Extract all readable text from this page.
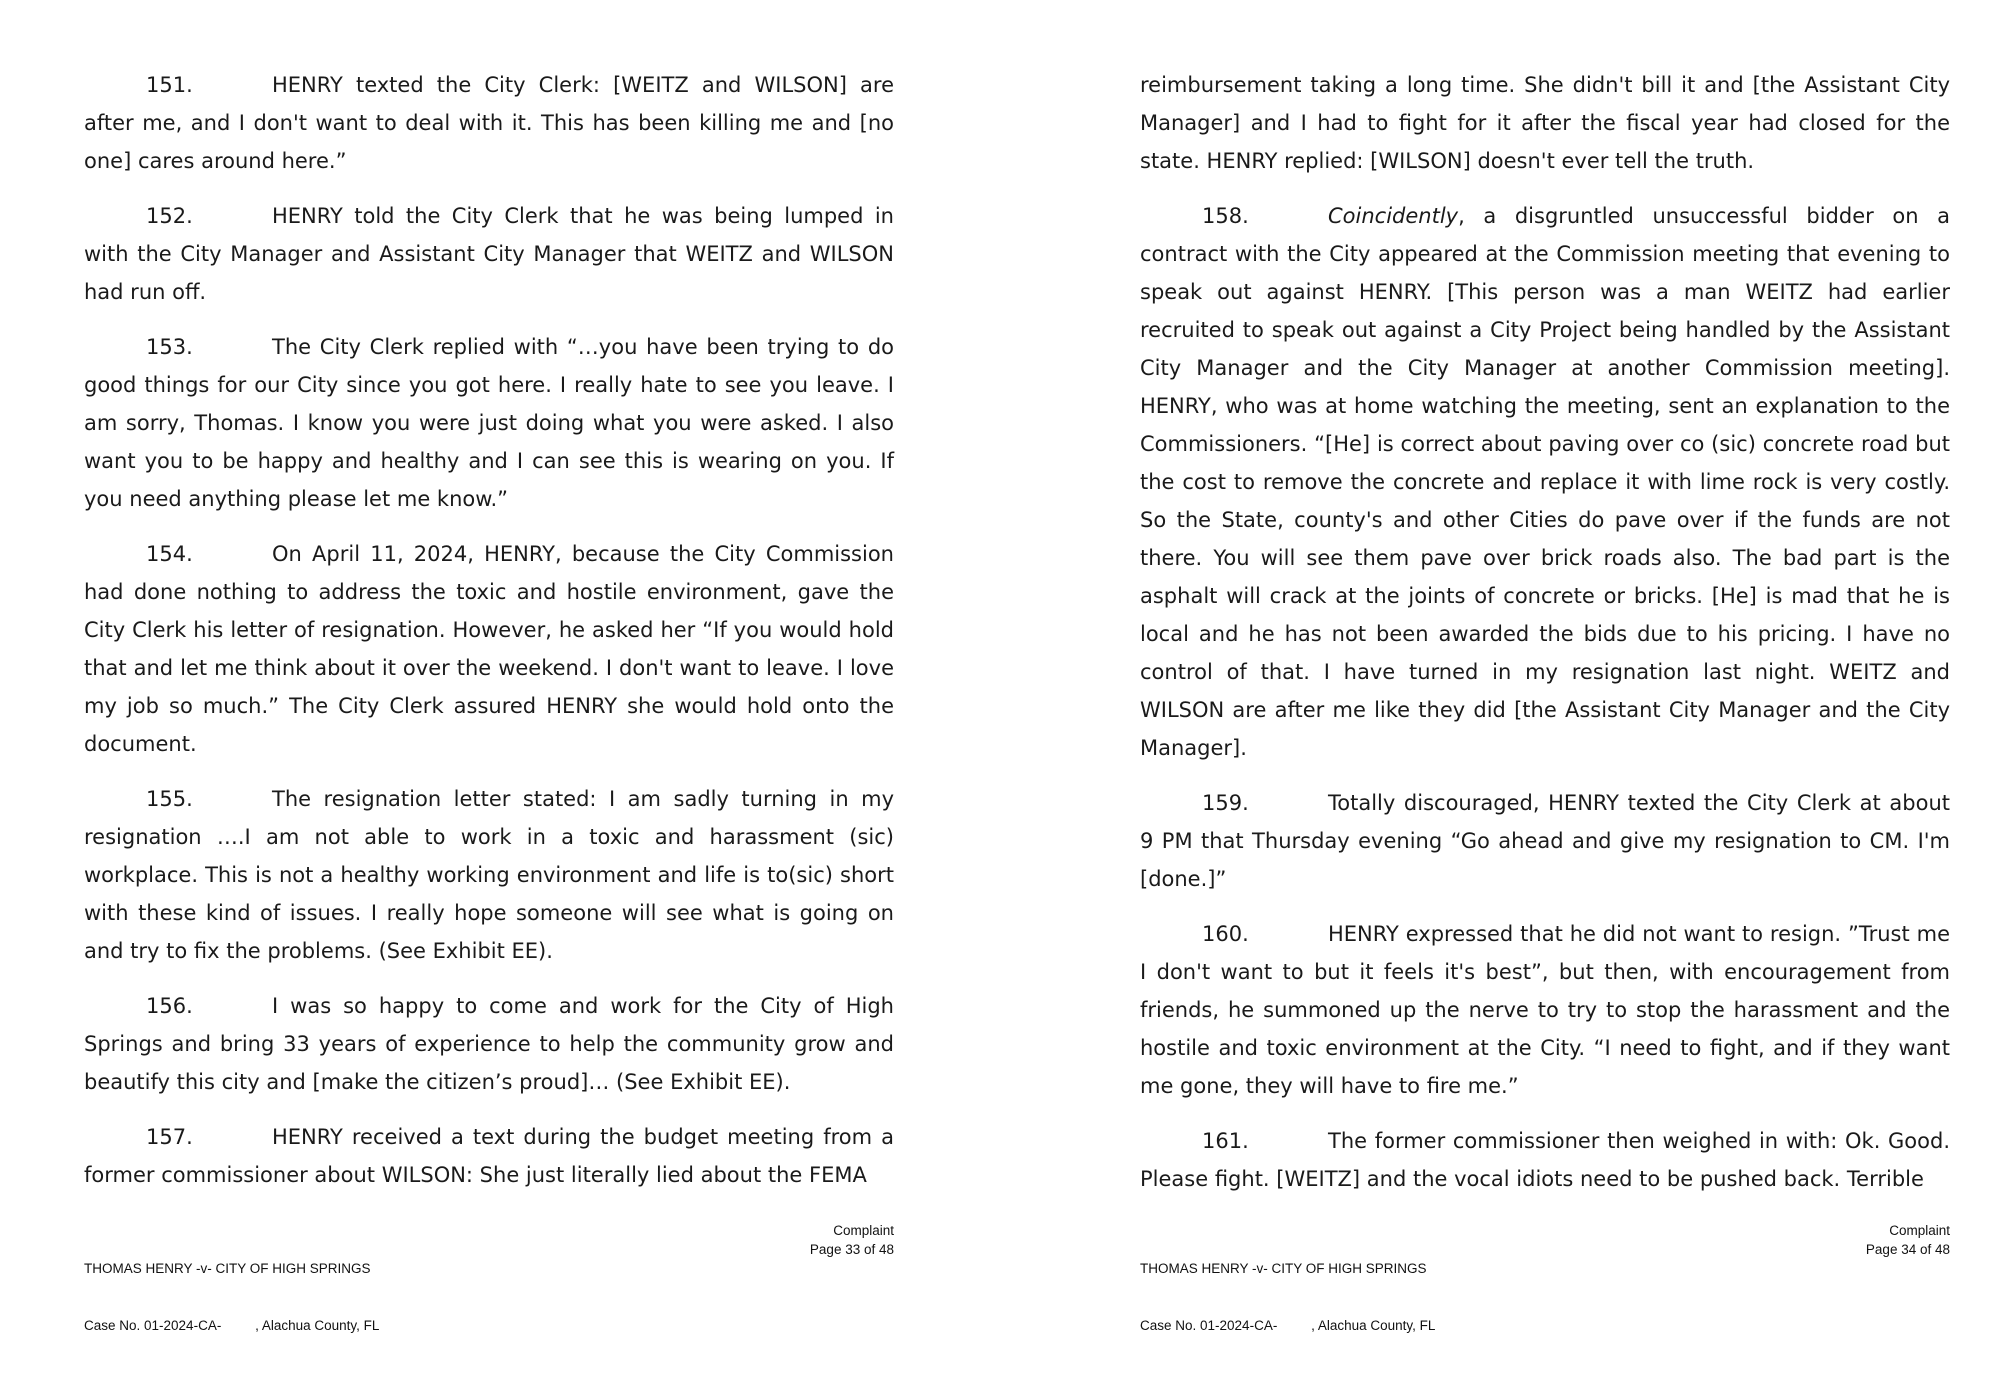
151.	HENRY texted the City Clerk: [WEITZ and WILSON] are after me, and I don't want to deal with it. This has been killing me and [no one] cares around here.”

152.	HENRY told the City Clerk that he was being lumped in with the City Manager and Assistant City Manager that WEITZ and WILSON had run off.

153.	The City Clerk replied with “…you have been trying to do good things for our City since you got here. I really hate to see you leave. I am sorry, Thomas. I know you were just doing what you were asked. I also want you to be happy and healthy and I can see this is wearing on you. If you need anything please let me know.”

154.	On April 11, 2024, HENRY, because the City Commission had done nothing to address the toxic and hostile environment, gave the City Clerk his letter of resignation. However, he asked her “If you would hold that and let me think about it over the weekend. I don't want to leave. I love my job so much.” The City Clerk assured HENRY she would hold onto the document.

155.	The resignation letter stated: I am sadly turning in my resignation ….I am not able to work in a toxic and harassment (sic) workplace. This is not a healthy working environment and life is to(sic) short with these kind of issues. I really hope someone will see what is going on and try to fix the problems. (See Exhibit EE).

156.	I was so happy to come and work for the City of High Springs and bring 33 years of experience to help the community grow and beautify this city and [make the citizen’s proud]… (See Exhibit EE).

157.	HENRY received a text during the budget meeting from a former commissioner about WILSON: She just literally lied about the FEMA

THOMAS HENRY -v- CITY OF HIGH SPRINGS

Case No. 01-2024-CA-         , Alachua County, FL

Complaint
Page 33 of 48

reimbursement taking a long time. She didn't bill it and [the Assistant City Manager] and I had to fight for it after the fiscal year had closed for the state. HENRY replied: [WILSON] doesn't ever tell the truth.

158.	Coincidently, a disgruntled unsuccessful bidder on a contract with the City appeared at the Commission meeting that evening to speak out against HENRY. [This person was a man WEITZ had earlier recruited to speak out against a City Project being handled by the Assistant City Manager and the City Manager at another Commission meeting]. HENRY, who was at home watching the meeting, sent an explanation to the Commissioners. “[He] is correct about paving over co (sic) concrete road but the cost to remove the concrete and replace it with lime rock is very costly. So the State, county's and other Cities do pave over if the funds are not there. You will see them pave over brick roads also. The bad part is the asphalt will crack at the joints of concrete or bricks. [He] is mad that he is local and he has not been awarded the bids due to his pricing. I have no control of that. I have turned in my resignation last night. WEITZ and WILSON are after me like they did [the Assistant City Manager and the City Manager].

159.	Totally discouraged, HENRY texted the City Clerk at about 9 PM that Thursday evening “Go ahead and give my resignation to CM. I'm [done.]”

160.	HENRY expressed that he did not want to resign. ”Trust me I don't want to but it feels it's best”, but then, with encouragement from friends, he summoned up the nerve to try to stop the harassment and the hostile and toxic environment at the City. “I need to fight, and if they want me gone, they will have to fire me.”

161.	The former commissioner then weighed in with: Ok. Good. Please fight. [WEITZ] and the vocal idiots need to be pushed back. Terrible

THOMAS HENRY -v- CITY OF HIGH SPRINGS

Case No. 01-2024-CA-         , Alachua County, FL

Complaint
Page 34 of 48
